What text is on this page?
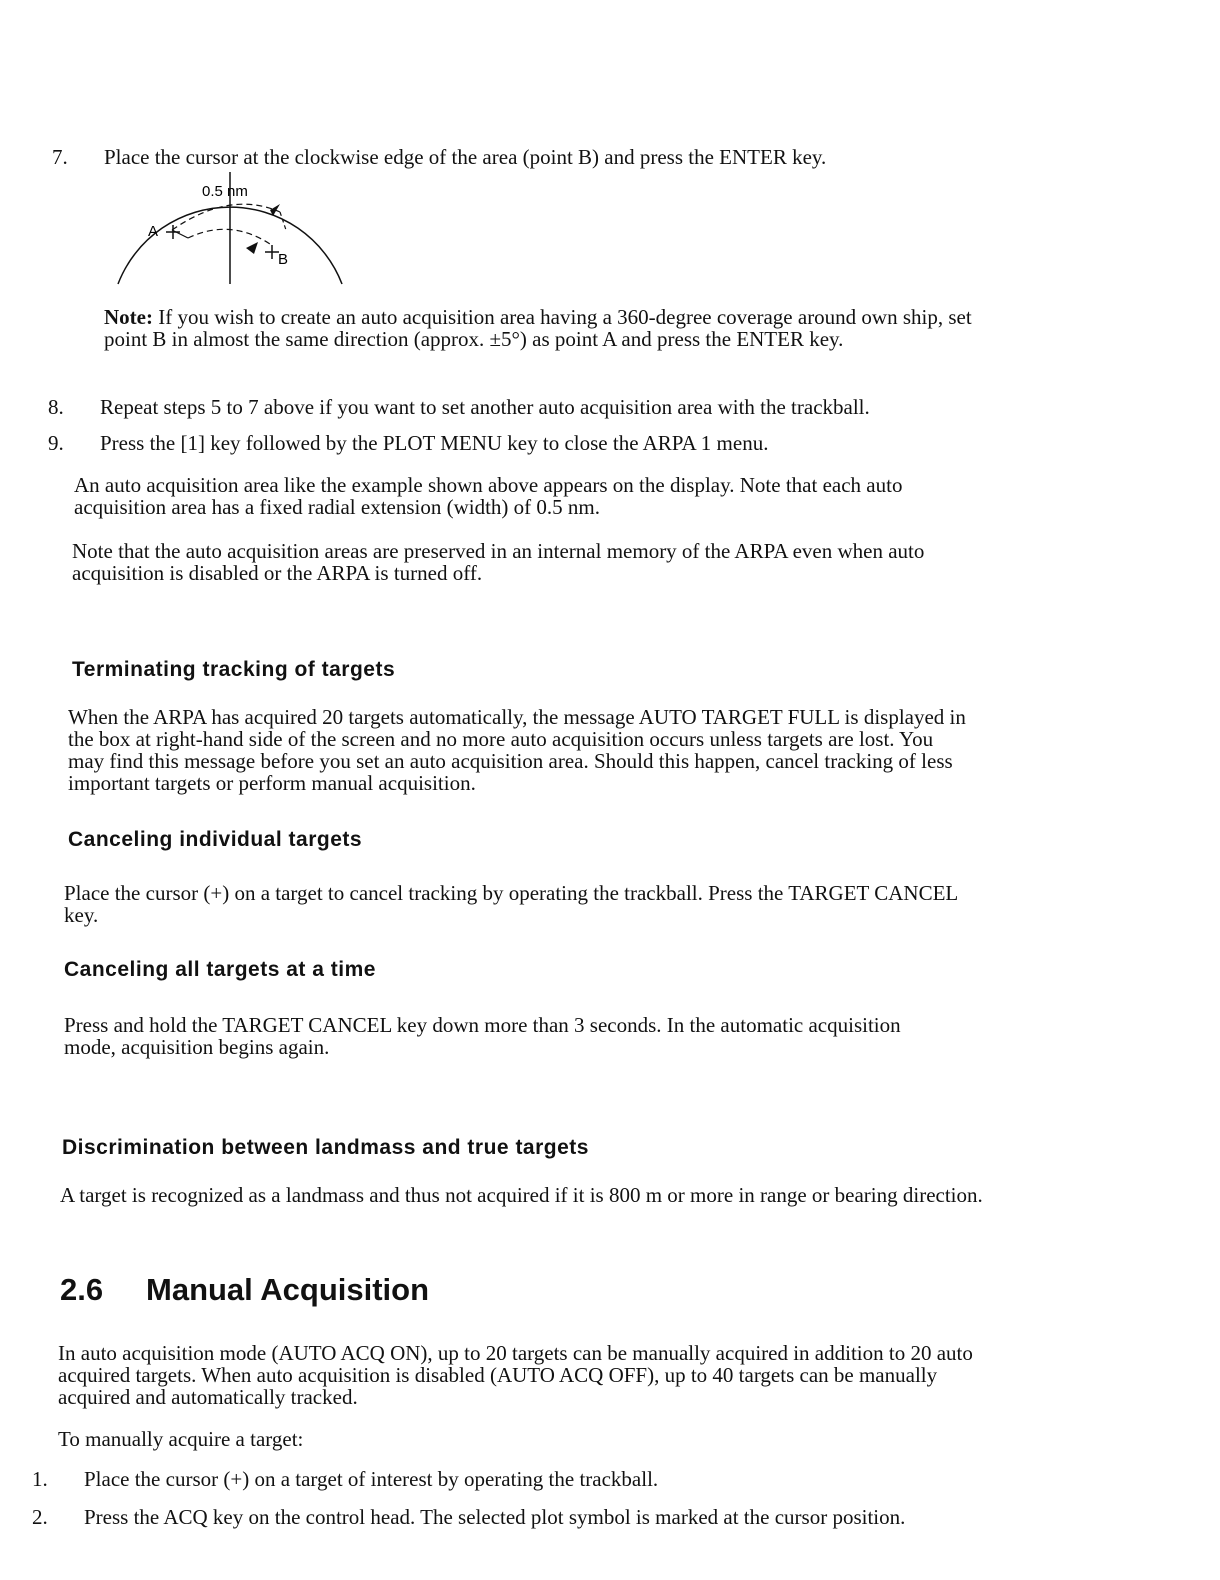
7. Place the cursor at the clockwise edge of the area (point B) and press the ENTER key.
0.5 nm
A
B
Note: If you wish to create an auto acquisition area having a 360-degree coverage around own ship, set point B in almost the same direction (approx. ±5°) as point A and press the ENTER key.
8. Repeat steps 5 to 7 above if you want to set another auto acquisition area with the trackball.
9. Press the [1] key followed by the PLOT MENU key to close the ARPA 1 menu.
An auto acquisition area like the example shown above appears on the display. Note that each auto acquisition area has a fixed radial extension (width) of 0.5 nm.
Note that the auto acquisition areas are preserved in an internal memory of the ARPA even when auto acquisition is disabled or the ARPA is turned off.
Terminating tracking of targets
When the ARPA has acquired 20 targets automatically, the message AUTO TARGET FULL is displayed in the box at right-hand side of the screen and no more auto acquisition occurs unless targets are lost. You may find this message before you set an auto acquisition area. Should this happen, cancel tracking of less important targets or perform manual acquisition.
Canceling individual targets
Place the cursor (+) on a target to cancel tracking by operating the trackball. Press the TARGET CANCEL key.
Canceling all targets at a time
Press and hold the TARGET CANCEL key down more than 3 seconds. In the automatic acquisition mode, acquisition begins again.
Discrimination between landmass and true targets
A target is recognized as a landmass and thus not acquired if it is 800 m or more in range or bearing direction.
2.6 Manual Acquisition
In auto acquisition mode (AUTO ACQ ON), up to 20 targets can be manually acquired in addition to 20 auto acquired targets. When auto acquisition is disabled (AUTO ACQ OFF), up to 40 targets can be manually acquired and automatically tracked.
To manually acquire a target:
1. Place the cursor (+) on a target of interest by operating the trackball.
2. Press the ACQ key on the control head. The selected plot symbol is marked at the cursor position.
